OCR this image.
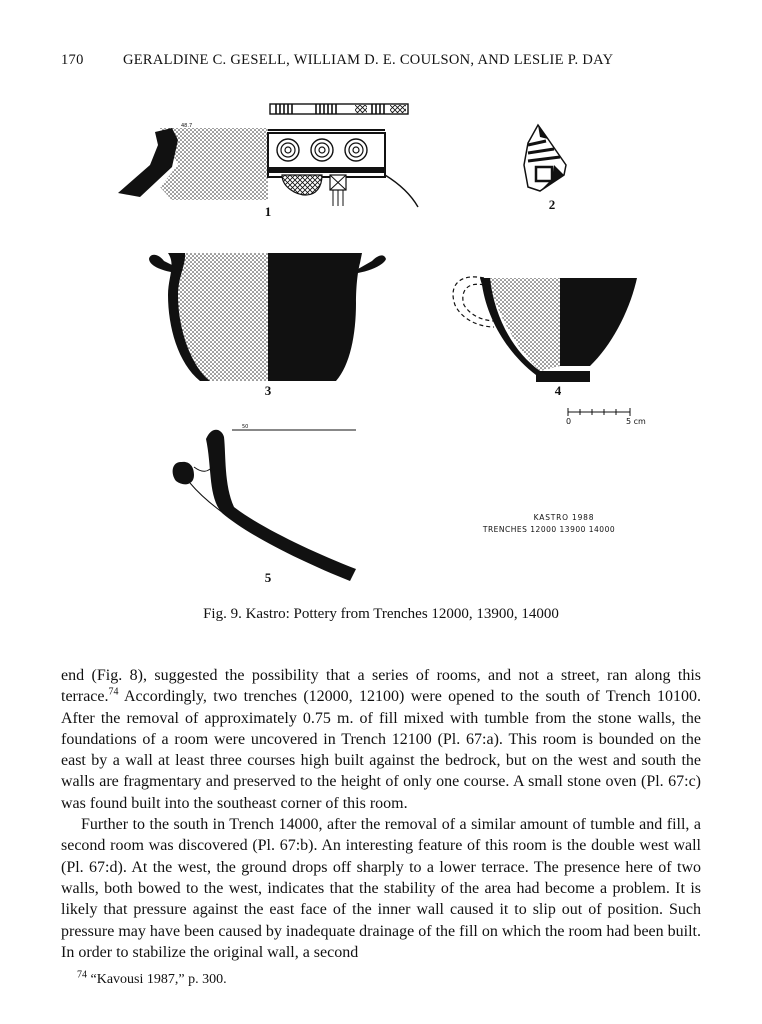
170	GERALDINE C. GESELL, WILLIAM D. E. COULSON, AND LESLIE P. DAY
48.7
0	5 cm
50
1	2
3	4
5
KASTRO 1988
TRENCHES 12000 13900 14000
Fig. 9. Kastro: Pottery from Trenches 12000, 13900, 14000

end (Fig. 8), suggested the possibility that a series of rooms, and not a street, ran along this terrace.$^{74}$ Accordingly, two trenches (12000, 12100) were opened to the south of Trench 10100. After the removal of approximately 0.75 m. of fill mixed with tumble from the stone walls, the foundations of a room were uncovered in Trench 12100 (Pl. 67:a). This room is bounded on the east by a wall at least three courses high built against the bedrock, but on the west and south the walls are fragmentary and preserved to the height of only one course. A small stone oven (Pl. 67:c) was found built into the southeast corner of this room.

Further to the south in Trench 14000, after the removal of a similar amount of tumble and fill, a second room was discovered (Pl. 67:b). An interesting feature of this room is the double west wall (Pl. 67:d). At the west, the ground drops off sharply to a lower terrace. The presence here of two walls, both bowed to the west, indicates that the stability of the area had become a problem. It is likely that pressure against the east face of the inner wall caused it to slip out of position. Such pressure may have been caused by inadequate drainage of the fill on which the room had been built. In order to stabilize the original wall, a second

$^{74}$ “Kavousi 1987,” p. 300.
